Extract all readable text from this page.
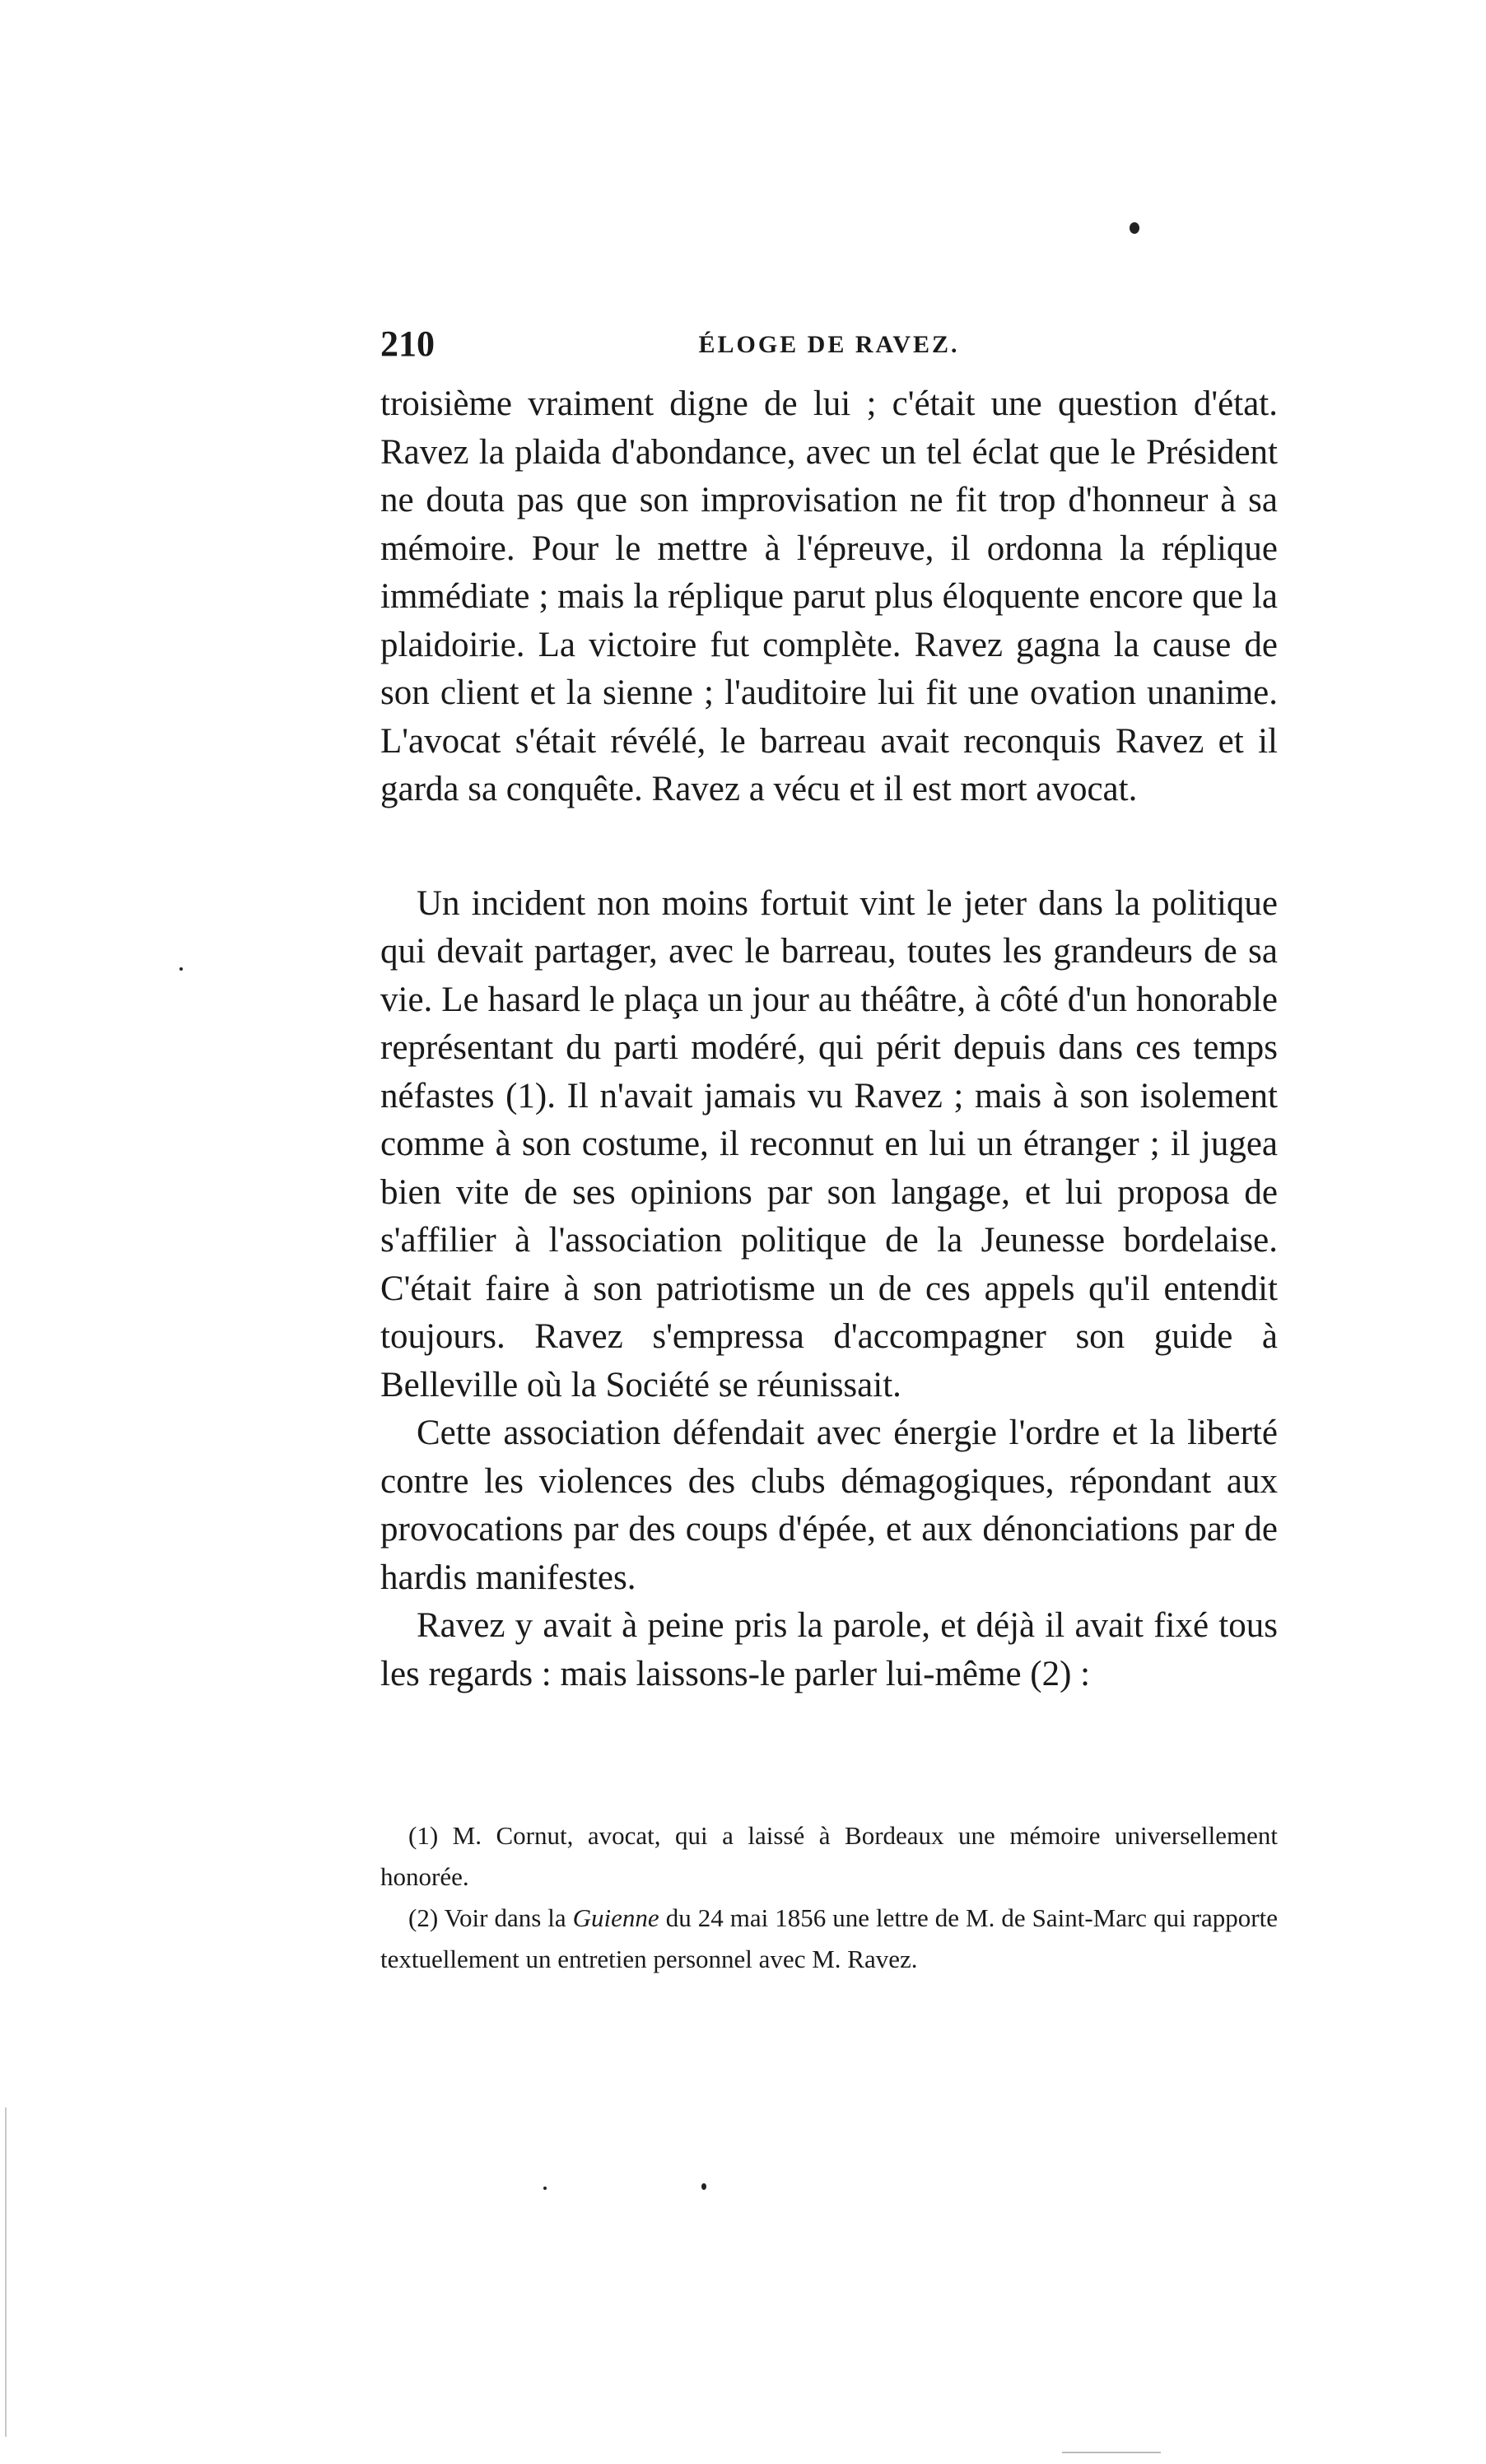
210	ÉLOGE DE RAVEZ.

troisième vraiment digne de lui ; c'était une question d'état. Ravez la plaida d'abondance, avec un tel éclat que le Président ne douta pas que son improvisation ne fit trop d'honneur à sa mémoire. Pour le mettre à l'épreuve, il ordonna la réplique immédiate ; mais la réplique parut plus éloquente encore que la plaidoirie. La victoire fut complète. Ravez gagna la cause de son client et la sienne ; l'auditoire lui fit une ovation unanime. L'avocat s'était révélé, le barreau avait reconquis Ravez et il garda sa conquête. Ravez a vécu et il est mort avocat.

Un incident non moins fortuit vint le jeter dans la politique qui devait partager, avec le barreau, toutes les grandeurs de sa vie. Le hasard le plaça un jour au théâtre, à côté d'un honorable représentant du parti modéré, qui périt depuis dans ces temps néfastes (1). Il n'avait jamais vu Ravez ; mais à son isolement comme à son costume, il reconnut en lui un étranger ; il jugea bien vite de ses opinions par son langage, et lui proposa de s'affilier à l'association politique de la Jeunesse bordelaise. C'était faire à son patriotisme un de ces appels qu'il entendit toujours. Ravez s'empressa d'accompagner son guide à Belleville où la Société se réunissait.

Cette association défendait avec énergie l'ordre et la liberté contre les violences des clubs démagogiques, répondant aux provocations par des coups d'épée, et aux dénonciations par de hardis manifestes.

Ravez y avait à peine pris la parole, et déjà il avait fixé tous les regards : mais laissons-le parler lui-même (2) :

(1) M. Cornut, avocat, qui a laissé à Bordeaux une mémoire universellement honorée.

(2) Voir dans la Guienne du 24 mai 1856 une lettre de M. de Saint-Marc qui rapporte textuellement un entretien personnel avec M. Ravez.
